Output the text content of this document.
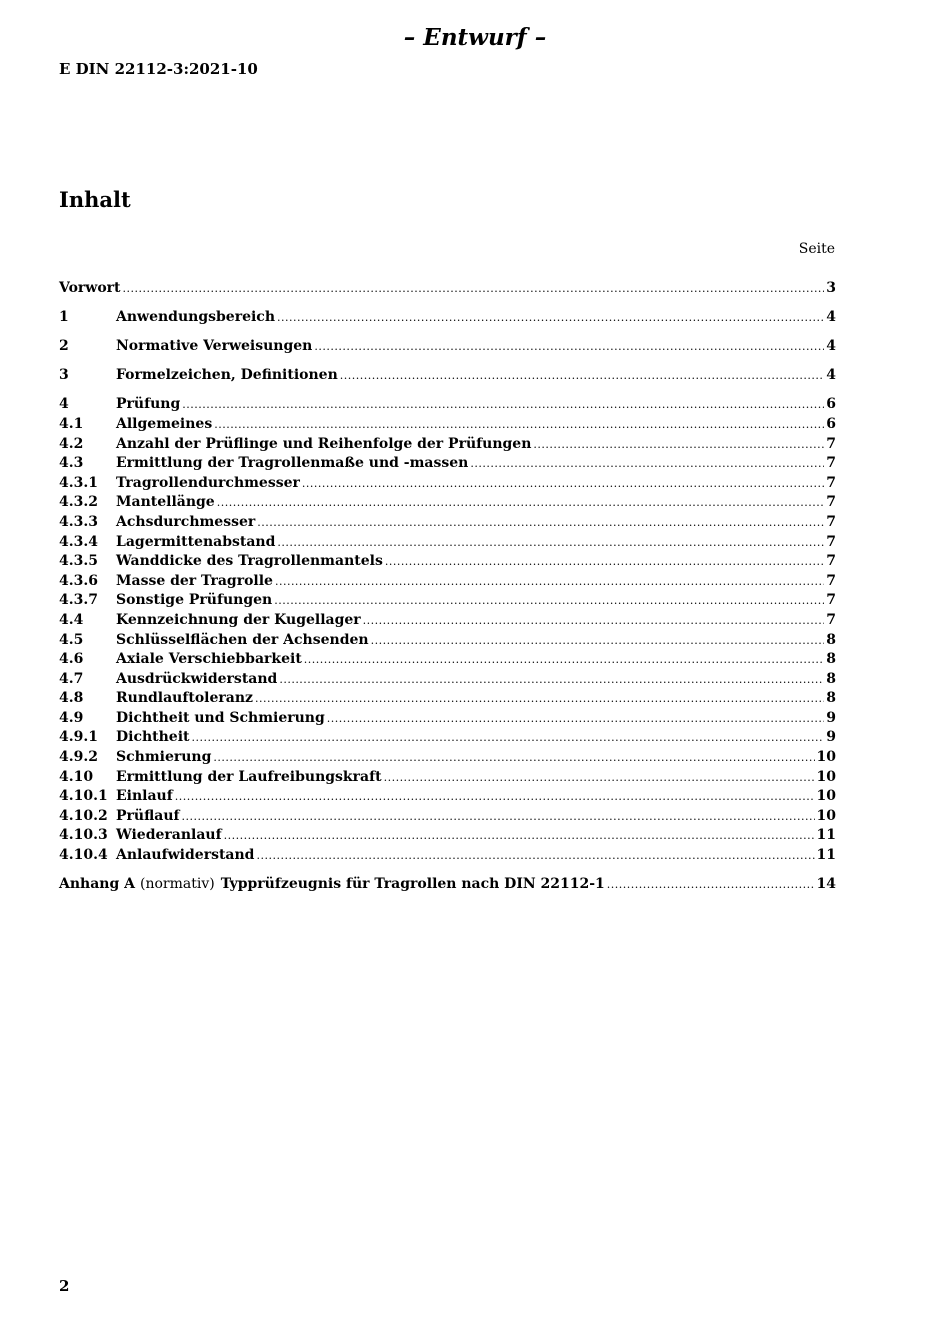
– Entwurf –
E DIN 22112-3:2021-10
Inhalt
Seite
Vorwort .....	3
1	Anwendungsbereich .....	4
2	Normative Verweisungen .....	4
3	Formelzeichen, Definitionen .....	4
4	Prüfung .....	6
4.1	Allgemeines .....	6
4.2	Anzahl der Prüflinge und Reihenfolge der Prüfungen .....	7
4.3	Ermittlung der Tragrollenmaße und -massen .....	7
4.3.1	Tragrollendurchmesser .....	7
4.3.2	Mantellänge .....	7
4.3.3	Achsdurchmesser .....	7
4.3.4	Lagermittenabstand .....	7
4.3.5	Wanddicke des Tragrollenmantels .....	7
4.3.6	Masse der Tragrolle .....	7
4.3.7	Sonstige Prüfungen .....	7
4.4	Kennzeichnung der Kugellager .....	7
4.5	Schlüsselflächen der Achsenden .....	8
4.6	Axiale Verschiebbarkeit .....	8
4.7	Ausdrückwiderstand .....	8
4.8	Rundlauftoleranz .....	8
4.9	Dichtheit und Schmierung .....	9
4.9.1	Dichtheit .....	9
4.9.2	Schmierung .....	10
4.10	Ermittlung der Laufreibungskraft .....	10
4.10.1 Einlauf .....	10
4.10.2 Prüflauf .....	10
4.10.3 Wiederanlauf .....	11
4.10.4 Anlaufwiderstand .....	11
Anhang A (normativ) Typprüfzeugnis für Tragrollen nach DIN 22112-1 .....	14
2
